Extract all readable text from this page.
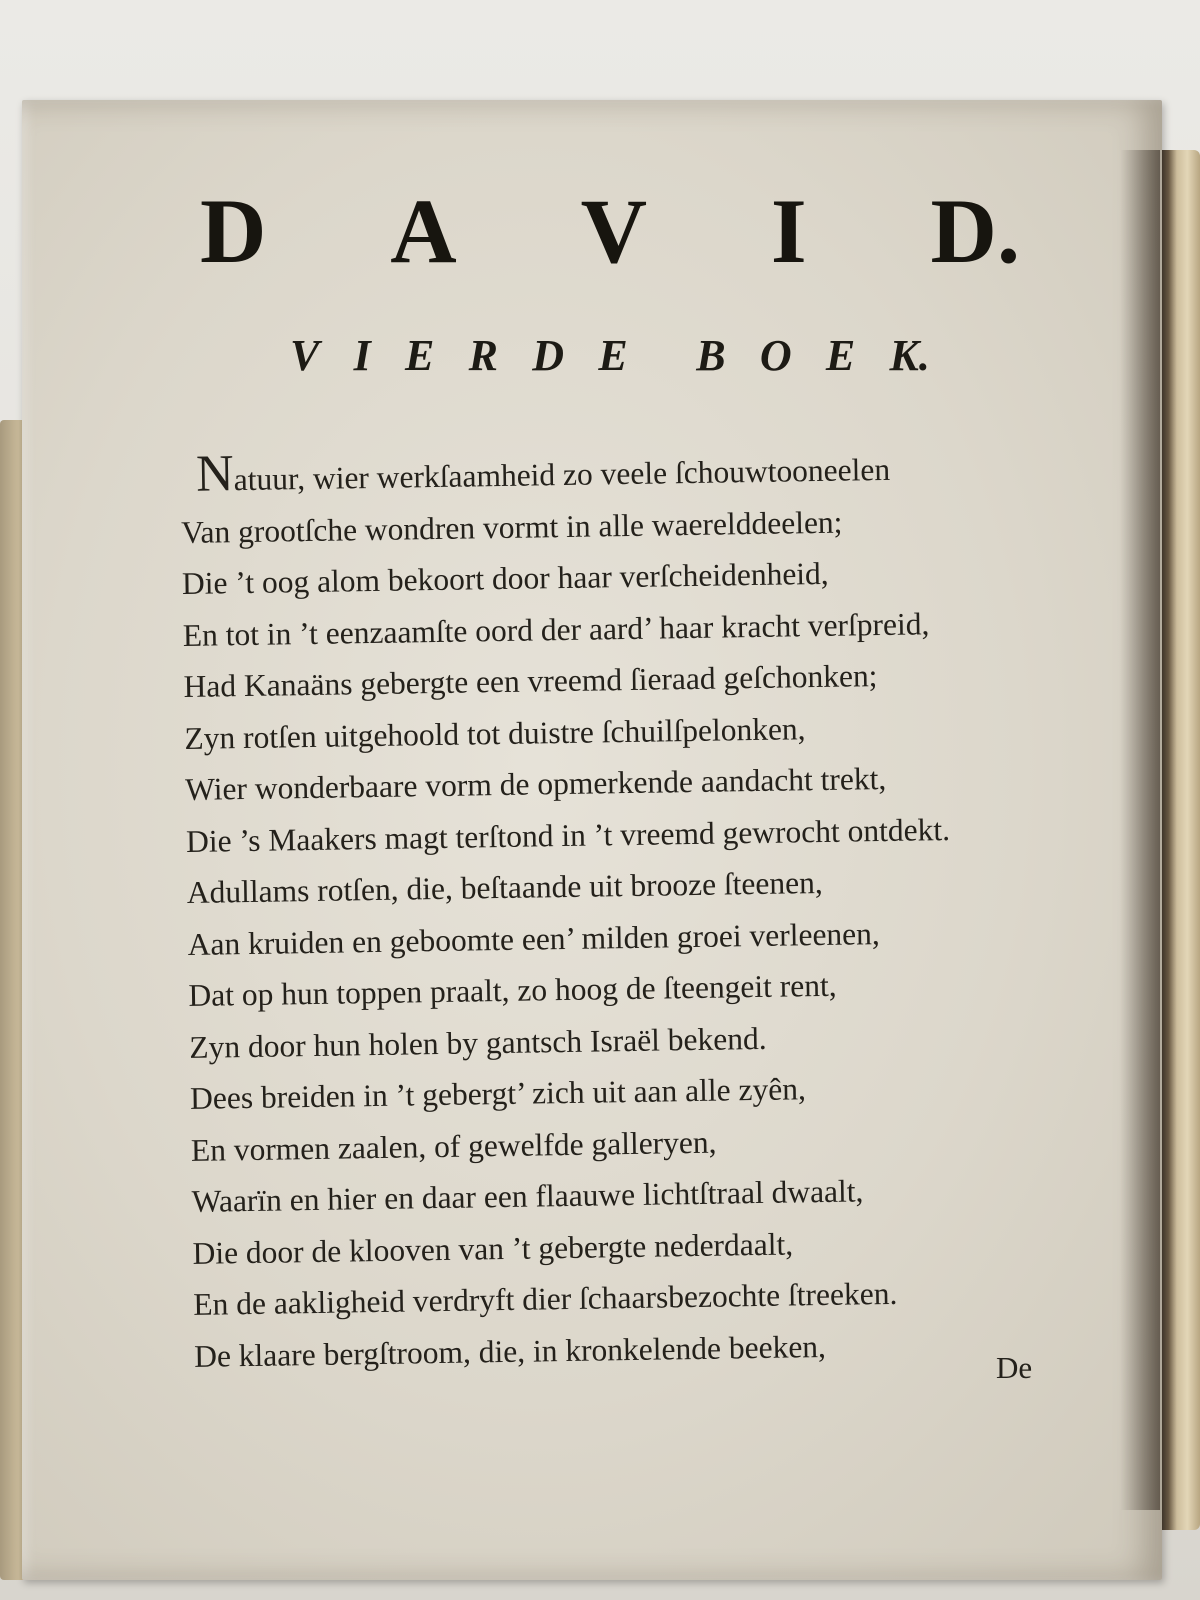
D A V I D.
V I E R D E B O E K.
Natuur, wier werkſaamheid zo veele ſchouwtooneelen
Van grootſche wondren vormt in alle waerelddeelen;
Die ’t oog alom bekoort door haar verſcheidenheid,
En tot in ’t eenzaamſte oord der aard’ haar kracht verſpreid,
Had Kanaäns gebergte een vreemd ſieraad geſchonken;
Zyn rotſen uitgehoold tot duistre ſchuilſpelonken,
Wier wonderbaare vorm de opmerkende aandacht trekt,
Die ’s Maakers magt terſtond in ’t vreemd gewrocht ontdekt.
Adullams rotſen, die, beſtaande uit brooze ſteenen,
Aan kruiden en geboomte een’ milden groei verleenen,
Dat op hun toppen praalt, zo hoog de ſteengeit rent,
Zyn door hun holen by gantsch Israël bekend.
Dees breiden in ’t gebergt’ zich uit aan alle zyên,
En vormen zaalen, of gewelfde galleryen,
Waarïn en hier en daar een flaauwe lichtſtraal dwaalt,
Die door de klooven van ’t gebergte nederdaalt,
En de aakligheid verdryft dier ſchaarsbezochte ſtreeken.
De klaare bergſtroom, die, in kronkelende beeken,	De
